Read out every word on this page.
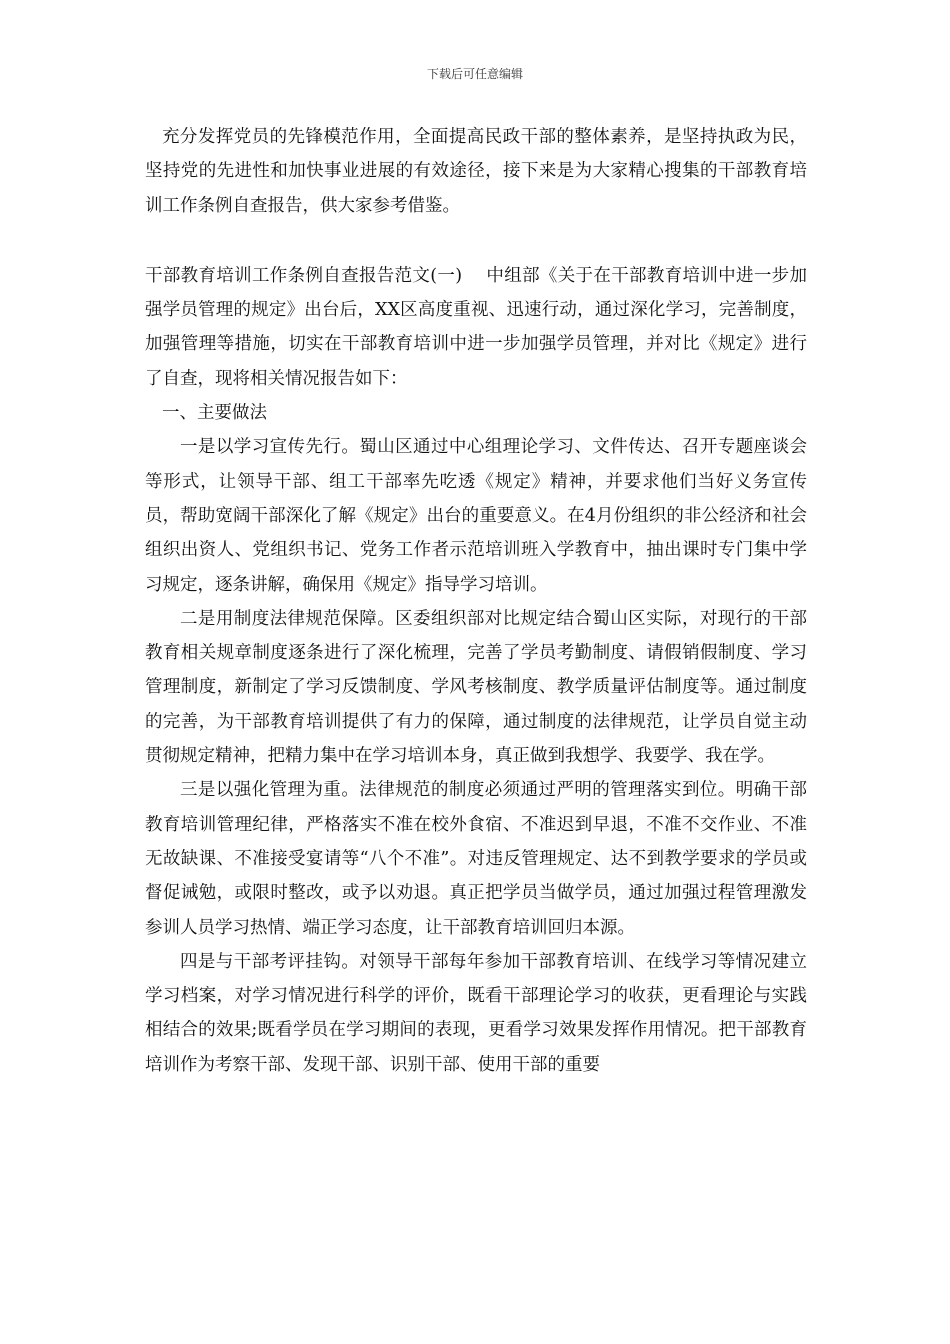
下载后可任意编辑

充分发挥党员的先锋模范作用，全面提高民政干部的整体素养，是坚持执政为民，坚持党的先进性和加快事业进展的有效途径，接下来是为大家精心搜集的干部教育培训工作条例自查报告，供大家参考借鉴。

干部教育培训工作条例自查报告范文(一) 中组部《关于在干部教育培训中进一步加强学员管理的规定》出台后，XX区高度重视、迅速行动，通过深化学习，完善制度，加强管理等措施，切实在干部教育培训中进一步加强学员管理，并对比《规定》进行了自查，现将相关情况报告如下：

一、主要做法

一是以学习宣传先行。蜀山区通过中心组理论学习、文件传达、召开专题座谈会等形式，让领导干部、组工干部率先吃透《规定》精神，并要求他们当好义务宣传员，帮助宽阔干部深化了解《规定》出台的重要意义。在4月份组织的非公经济和社会组织出资人、党组织书记、党务工作者示范培训班入学教育中，抽出课时专门集中学习规定，逐条讲解，确保用《规定》指导学习培训。

二是用制度法律规范保障。区委组织部对比规定结合蜀山区实际，对现行的干部教育相关规章制度逐条进行了深化梳理，完善了学员考勤制度、请假销假制度、学习管理制度，新制定了学习反馈制度、学风考核制度、教学质量评估制度等。通过制度的完善，为干部教育培训提供了有力的保障，通过制度的法律规范，让学员自觉主动贯彻规定精神，把精力集中在学习培训本身，真正做到我想学、我要学、我在学。

三是以强化管理为重。法律规范的制度必须通过严明的管理落实到位。明确干部教育培训管理纪律，严格落实不准在校外食宿、不准迟到早退，不准不交作业、不准无故缺课、不准接受宴请等“八个不准”。对违反管理规定、达不到教学要求的学员或督促诫勉，或限时整改，或予以劝退。真正把学员当做学员，通过加强过程管理激发参训人员学习热情、端正学习态度，让干部教育培训回归本源。

四是与干部考评挂钩。对领导干部每年参加干部教育培训、在线学习等情况建立学习档案，对学习情况进行科学的评价，既看干部理论学习的收获，更看理论与实践相结合的效果;既看学员在学习期间的表现，更看学习效果发挥作用情况。把干部教育培训作为考察干部、发现干部、识别干部、使用干部的重要
